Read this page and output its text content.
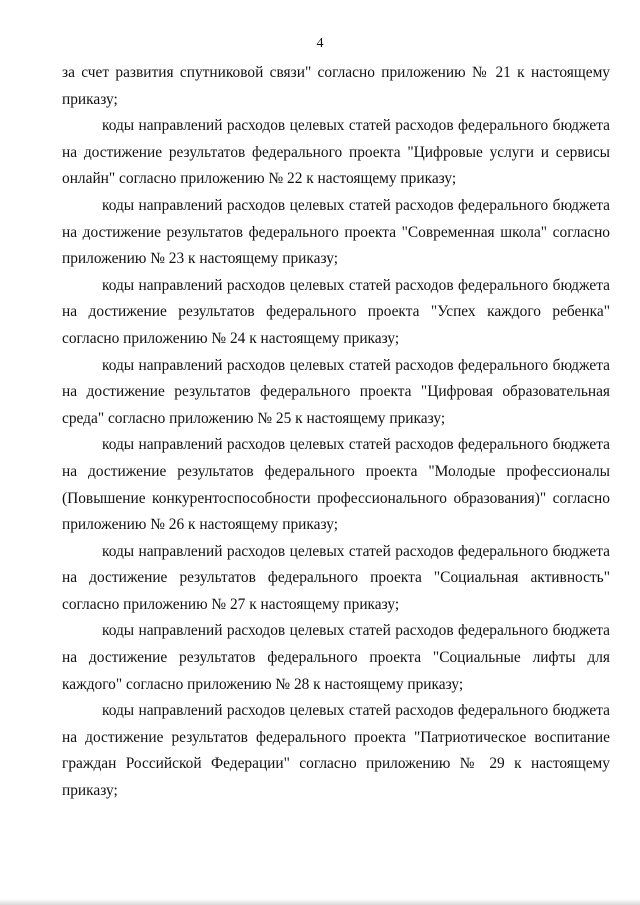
4

за счет развития спутниковой связи" согласно приложению № 21 к настоящему приказу;

коды направлений расходов целевых статей расходов федерального бюджета на достижение результатов федерального проекта "Цифровые услуги и сервисы онлайн" согласно приложению № 22 к настоящему приказу;

коды направлений расходов целевых статей расходов федерального бюджета на достижение результатов федерального проекта "Современная школа" согласно приложению № 23 к настоящему приказу;

коды направлений расходов целевых статей расходов федерального бюджета на достижение результатов федерального проекта "Успех каждого ребенка" согласно приложению № 24 к настоящему приказу;

коды направлений расходов целевых статей расходов федерального бюджета на достижение результатов федерального проекта "Цифровая образовательная среда" согласно приложению № 25 к настоящему приказу;

коды направлений расходов целевых статей расходов федерального бюджета на достижение результатов федерального проекта "Молодые профессионалы (Повышение конкурентоспособности профессионального образования)" согласно приложению № 26 к настоящему приказу;

коды направлений расходов целевых статей расходов федерального бюджета на достижение результатов федерального проекта "Социальная активность" согласно приложению № 27 к настоящему приказу;

коды направлений расходов целевых статей расходов федерального бюджета на достижение результатов федерального проекта "Социальные лифты для каждого" согласно приложению № 28 к настоящему приказу;

коды направлений расходов целевых статей расходов федерального бюджета на достижение результатов федерального проекта "Патриотическое воспитание граждан Российской Федерации" согласно приложению № 29 к настоящему приказу;
